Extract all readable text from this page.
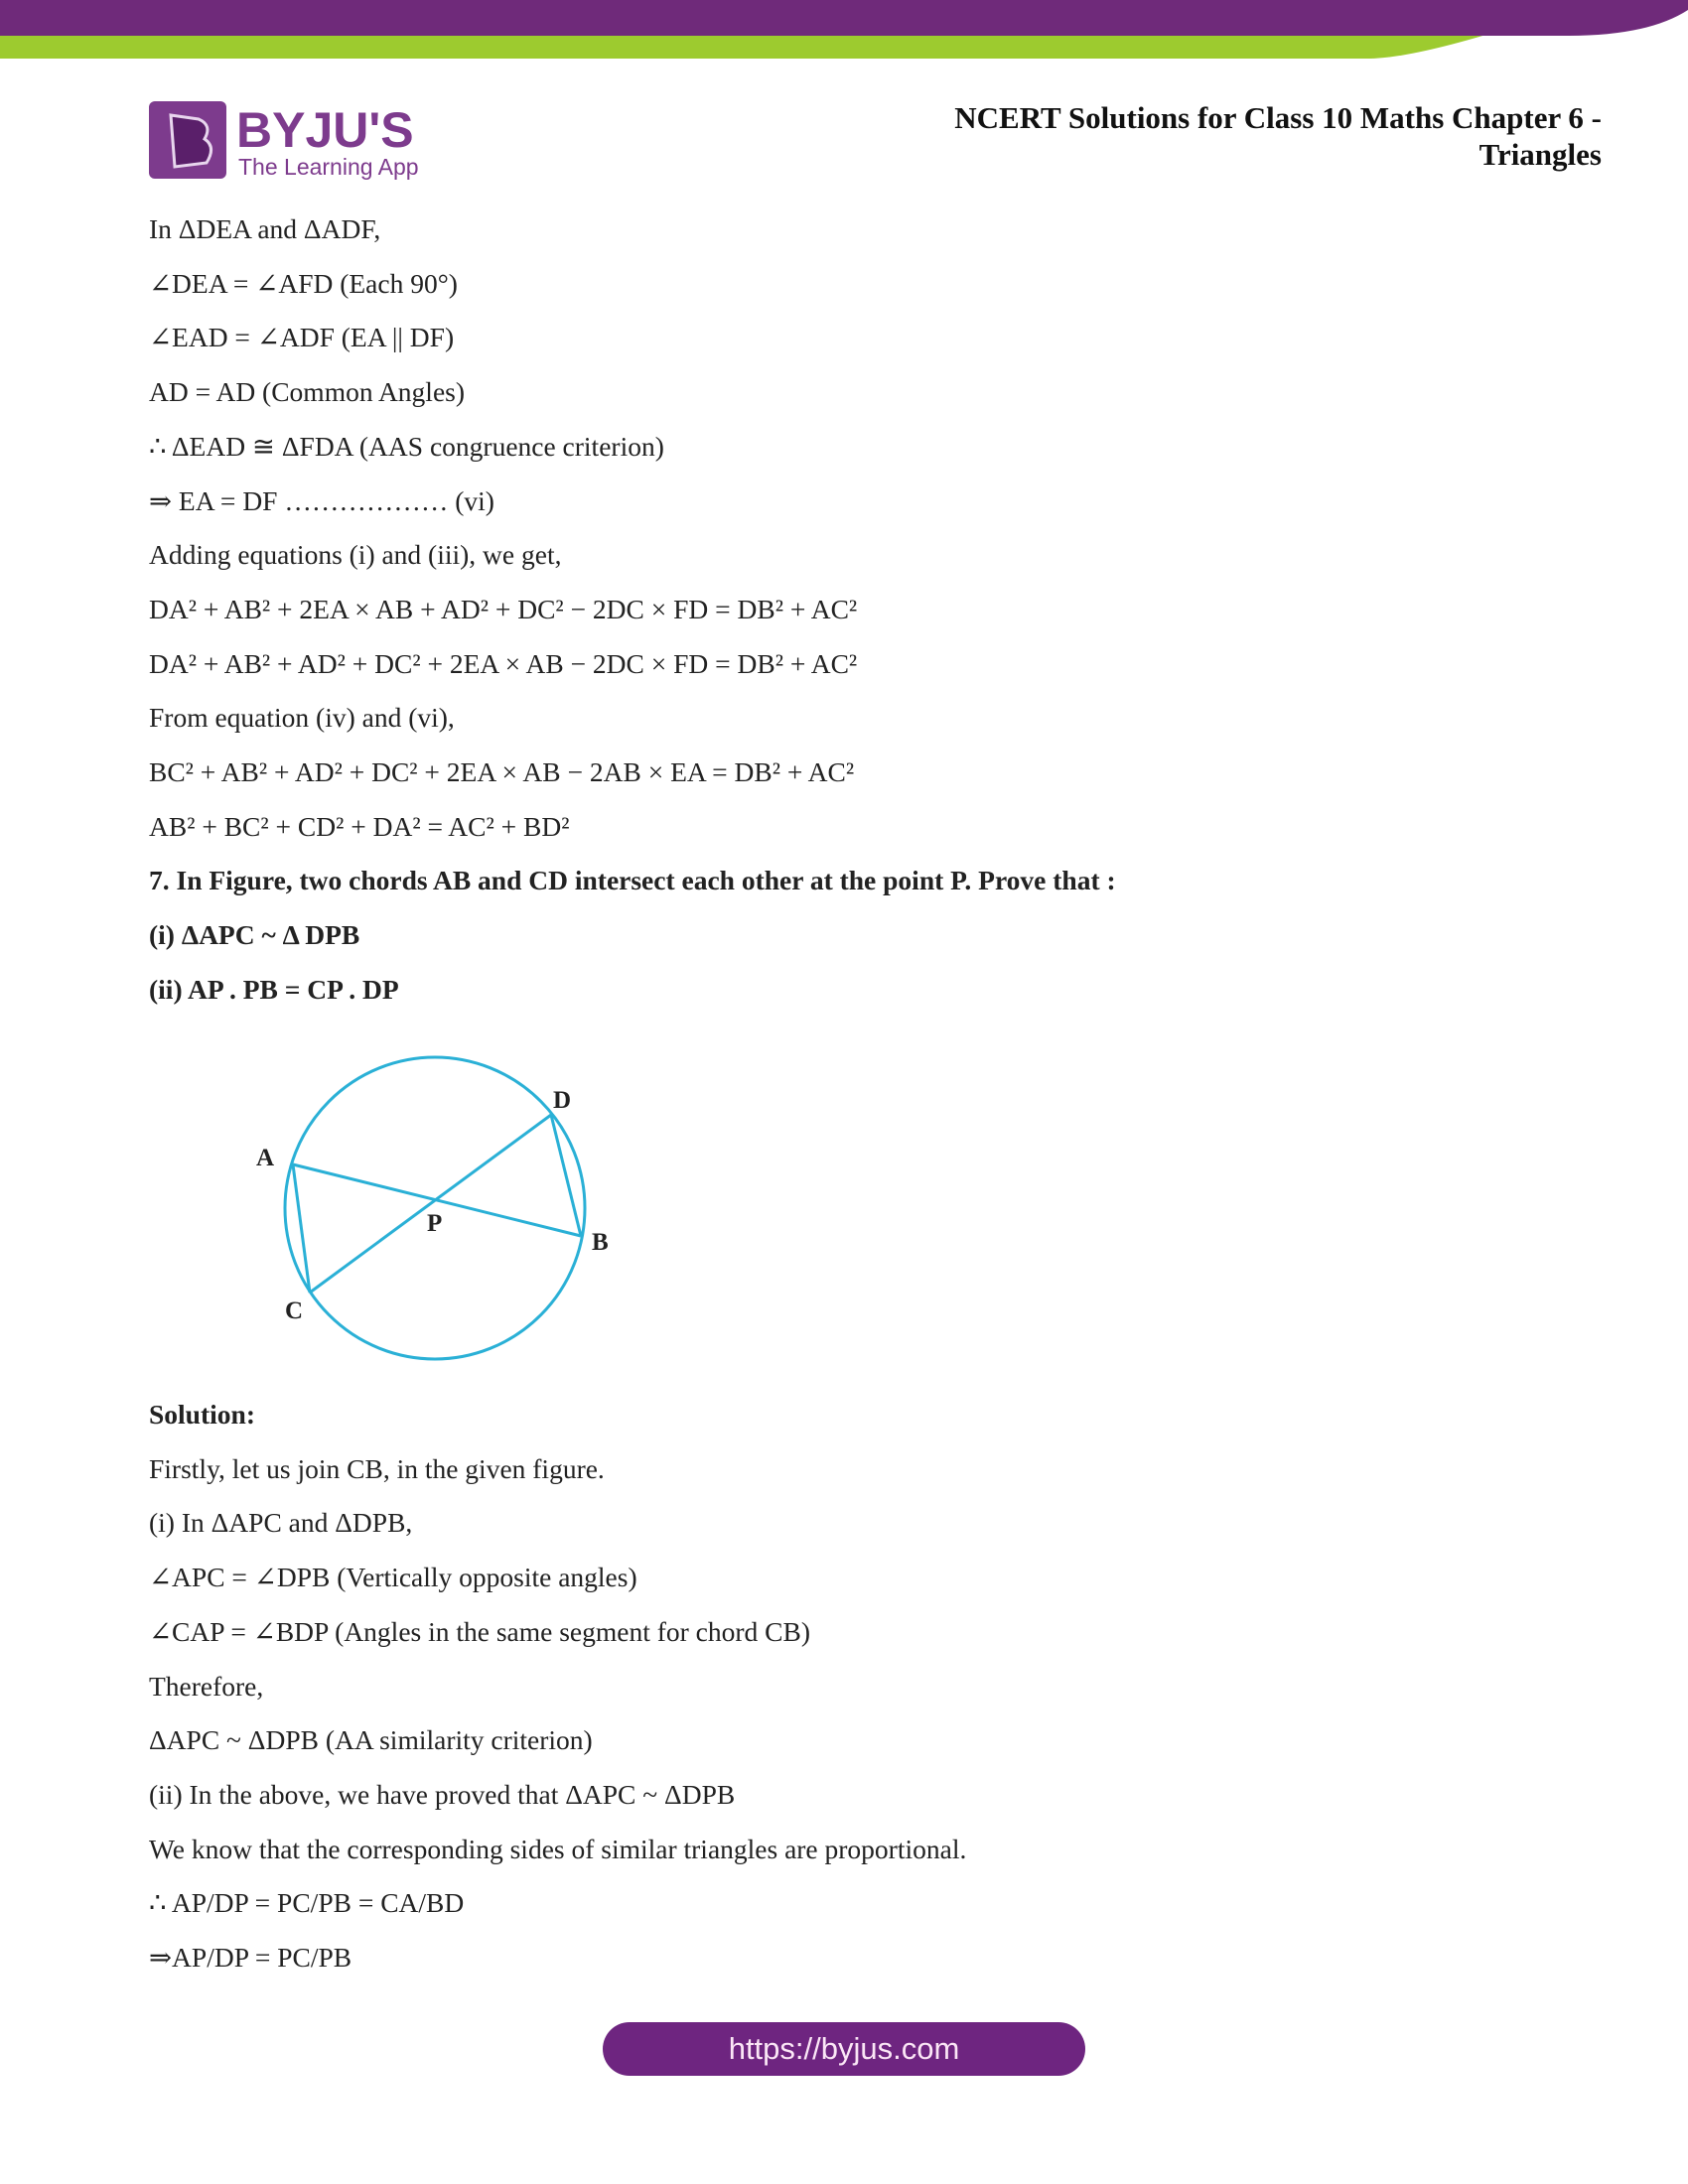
BYJU'S
The Learning App
NCERT Solutions for Class 10 Maths Chapter 6 -
Triangles
In ΔDEA and ΔADF,
∠DEA = ∠AFD (Each 90°)
∠EAD = ∠ADF (EA || DF)
AD = AD (Common Angles)
∴ ΔEAD ≅ ΔFDA (AAS congruence criterion)
⇒ EA = DF ……………… (vi)
Adding equations (i) and (iii), we get,
DA² + AB² + 2EA × AB + AD² + DC² − 2DC × FD = DB² + AC²
DA² + AB² + AD² + DC² + 2EA × AB − 2DC × FD = DB² + AC²
From equation (iv) and (vi),
BC² + AB² + AD² + DC² + 2EA × AB − 2AB × EA = DB² + AC²
AB² + BC² + CD² + DA² = AC² + BD²
7. In Figure, two chords AB and CD intersect each other at the point P. Prove that :
(i) ΔAPC ~ Δ DPB
(ii) AP . PB = CP . DP
A
D
B
C
P
Solution:
Firstly, let us join CB, in the given figure.
(i) In ΔAPC and ΔDPB,
∠APC = ∠DPB (Vertically opposite angles)
∠CAP = ∠BDP (Angles in the same segment for chord CB)
Therefore,
ΔAPC ~ ΔDPB (AA similarity criterion)
(ii) In the above, we have proved that ΔAPC ~ ΔDPB
We know that the corresponding sides of similar triangles are proportional.
∴ AP/DP = PC/PB = CA/BD
⇒AP/DP = PC/PB
https://byjus.com
